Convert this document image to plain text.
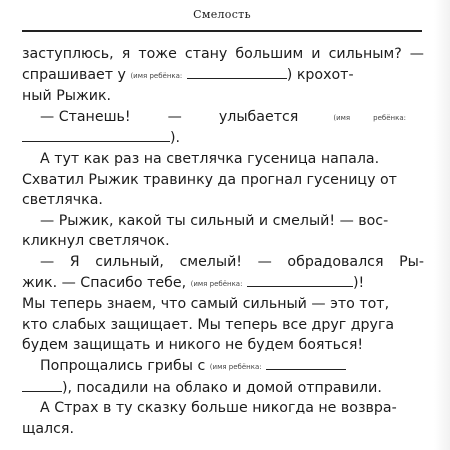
Смелость
заступлюсь, я тоже стану большим и сильным? —
спрашивает у (имя ребёнка:	) крохот-
ный Рыжик.
— Станешь!	—	улыбается	(имя	ребёнка:
).
А тут как раз на светлячка гусеница напала.
Схватил Рыжик травинку да прогнал гусеницу от
светлячка.
— Рыжик, какой ты сильный и смелый! — вос-
кликнул светлячок.
— Я сильный, смелый! — обрадовался Ры-
жик. — Спасибо тебе, (имя ребёнка:	)!
Мы теперь знаем, что самый сильный — это тот,
кто слабых защищает. Мы теперь все друг друга
будем защищать и никого не будем бояться!
Попрощались грибы с (имя ребёнка:
), посадили на облако и домой отправили.
А Страх в ту сказку больше никогда не возвра-
щался.
